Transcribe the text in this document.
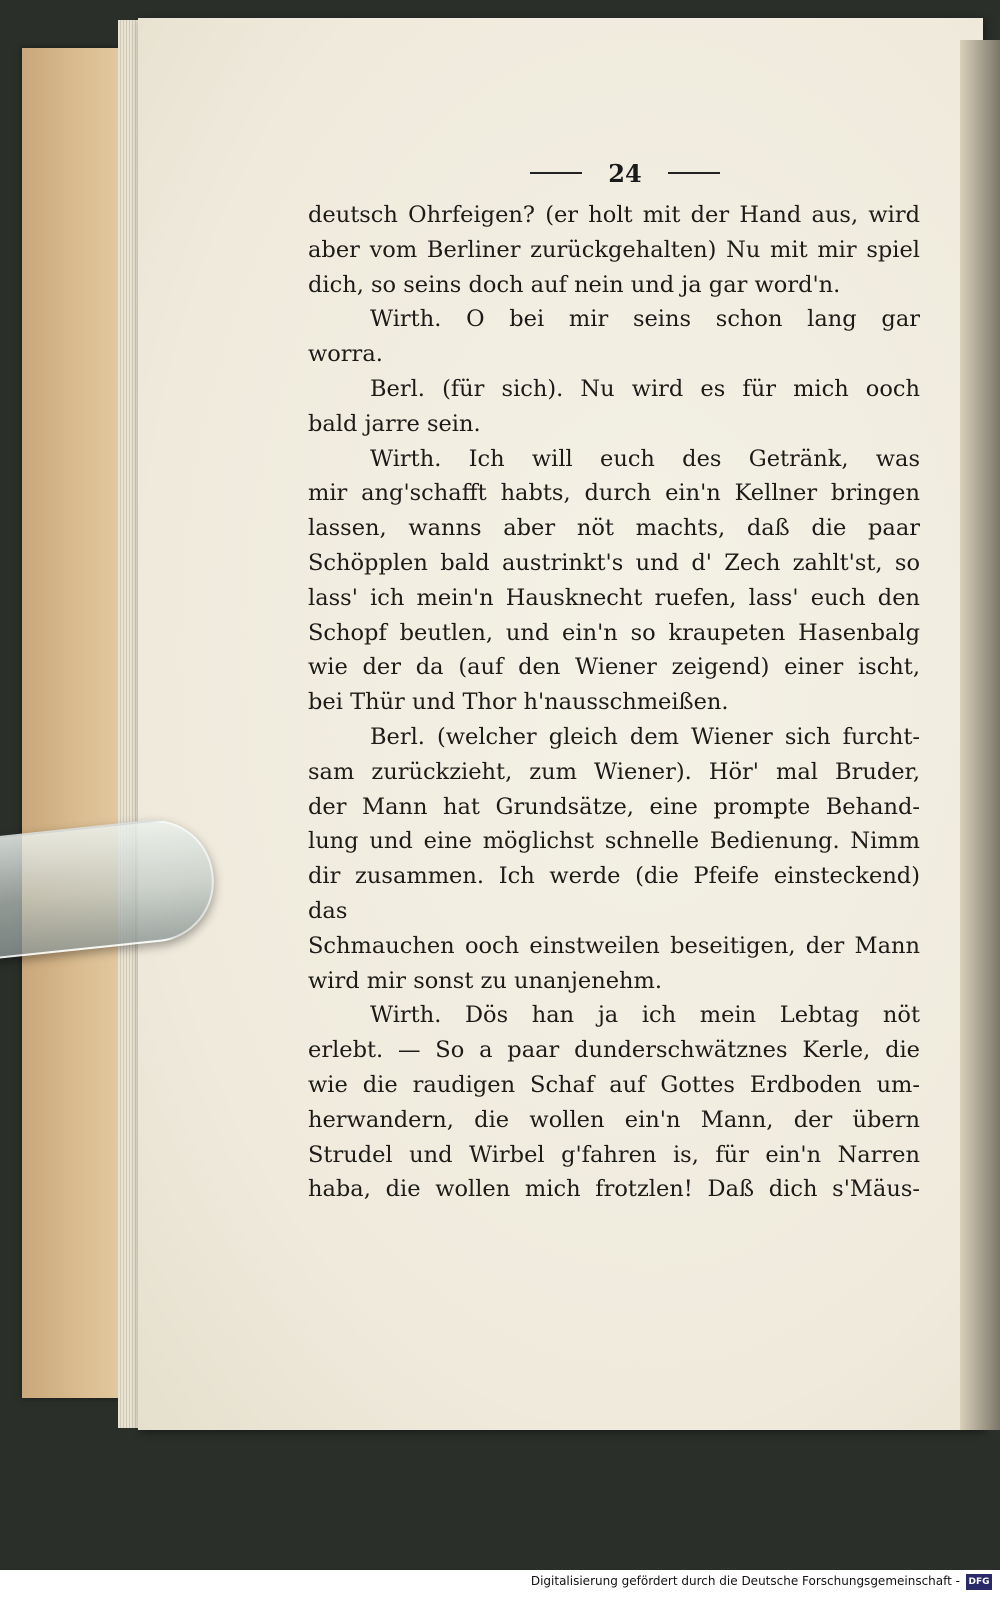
24
deutsch Ohrfeigen? (er holt mit der Hand aus, wird
aber vom Berliner zurückgehalten) Nu mit mir spiel
dich, so seins doch auf nein und ja gar word'n.
Wirth. O bei mir seins schon lang gar
worra.
Berl. (für sich). Nu wird es für mich ooch
bald jarre sein.
Wirth. Ich will euch des Getränk, was
mir ang'schafft habts, durch ein'n Kellner bringen
lassen, wanns aber nöt machts, daß die paar
Schöpplen bald austrinkt's und d' Zech zahlt'st, so
lass' ich mein'n Hausknecht ruefen, lass' euch den
Schopf beutlen, und ein'n so kraupeten Hasenbalg
wie der da (auf den Wiener zeigend) einer ischt,
bei Thür und Thor h'nausschmeißen.
Berl. (welcher gleich dem Wiener sich furcht-
sam zurückzieht, zum Wiener). Hör' mal Bruder,
der Mann hat Grundsätze, eine prompte Behand-
lung und eine möglichst schnelle Bedienung. Nimm
dir zusammen. Ich werde (die Pfeife einsteckend) das
Schmauchen ooch einstweilen beseitigen, der Mann
wird mir sonst zu unanjenehm.
Wirth. Dös han ja ich mein Lebtag nöt
erlebt. — So a paar dunderschwätznes Kerle, die
wie die raudigen Schaf auf Gottes Erdboden um-
herwandern, die wollen ein'n Mann, der übern
Strudel und Wirbel g'fahren is, für ein'n Narren
haba, die wollen mich frotzlen! Daß dich s'Mäus-
Digitalisierung gefördert durch die Deutsche Forschungsgemeinschaft - DFG
